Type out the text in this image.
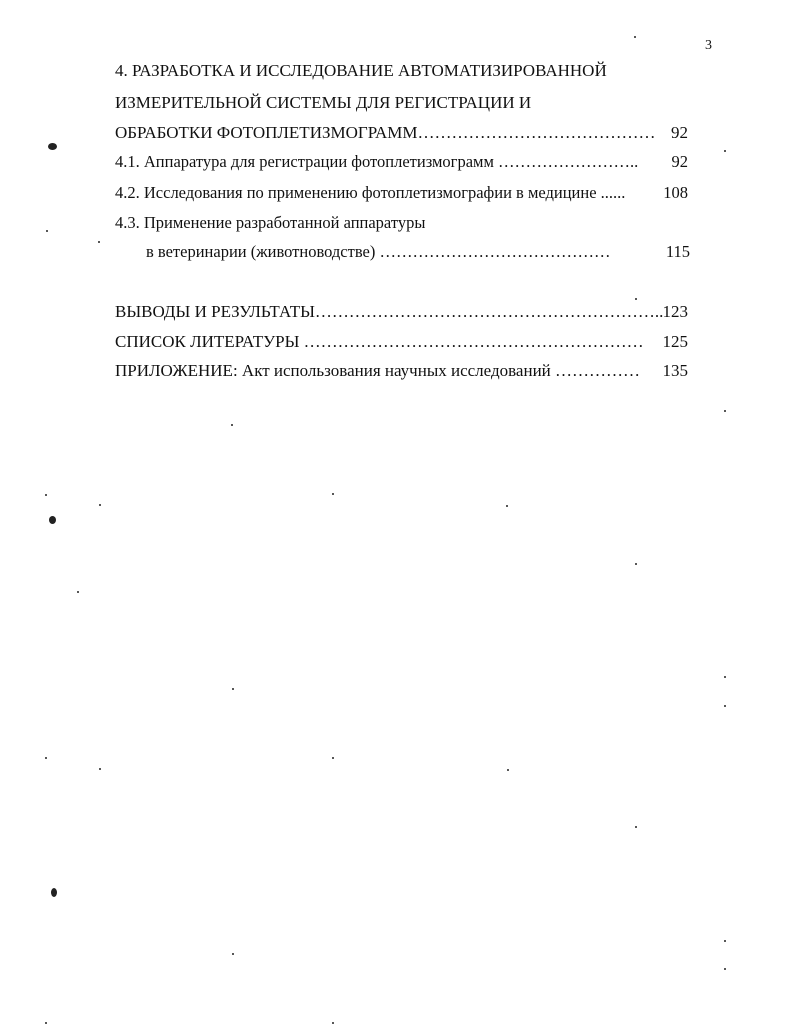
3
4. РАЗРАБОТКА И ИССЛЕДОВАНИЕ АВТОМАТИЗИРОВАННОЙ
ИЗМЕРИТЕЛЬНОЙ СИСТЕМЫ ДЛЯ РЕГИСТРАЦИИ И
ОБРАБОТКИ ФОТОПЛЕТИЗМОГРАММ…………………………………… 92
4.1. Аппаратура для регистрации фотоплетизмограмм …………………….. 92
4.2. Исследования по применению фотоплетизмографии в медицине ...... 108
4.3. Применение разработанной аппаратуры
в ветеринарии (животноводстве) ……………………………………	115
ВЫВОДЫ И РЕЗУЛЬТАТЫ…………………………………………………….. 123
СПИСОК ЛИТЕРАТУРЫ …………………………………………………… 125
ПРИЛОЖЕНИЕ: Акт использования научных исследований …………… 135
